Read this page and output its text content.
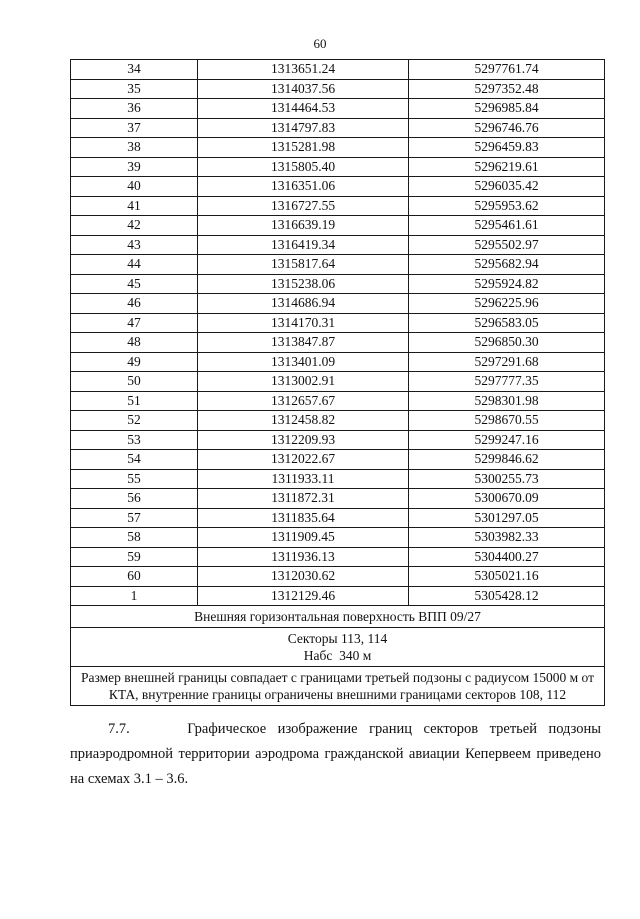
60
34	1313651.24	5297761.74
35	1314037.56	5297352.48
36	1314464.53	5296985.84
37	1314797.83	5296746.76
38	1315281.98	5296459.83
39	1315805.40	5296219.61
40	1316351.06	5296035.42
41	1316727.55	5295953.62
42	1316639.19	5295461.61
43	1316419.34	5295502.97
44	1315817.64	5295682.94
45	1315238.06	5295924.82
46	1314686.94	5296225.96
47	1314170.31	5296583.05
48	1313847.87	5296850.30
49	1313401.09	5297291.68
50	1313002.91	5297777.35
51	1312657.67	5298301.98
52	1312458.82	5298670.55
53	1312209.93	5299247.16
54	1312022.67	5299846.62
55	1311933.11	5300255.73
56	1311872.31	5300670.09
57	1311835.64	5301297.05
58	1311909.45	5303982.33
59	1311936.13	5304400.27
60	1312030.62	5305021.16
1	1312129.46	5305428.12
Внешняя горизонтальная поверхность ВПП 09/27		

Секторы 113, 114
Набс  340 м		

Размер внешней границы совпадает с границами третьей подзоны с радиусом 15000 м от КТА, внутренние границы ограничены внешними границами секторов 108, 112		
7.7.	Графическое изображение границ секторов третьей подзоны приаэродромной территории аэродрома гражданской авиации Кепервеем приведено на схемах 3.1 – 3.6.
